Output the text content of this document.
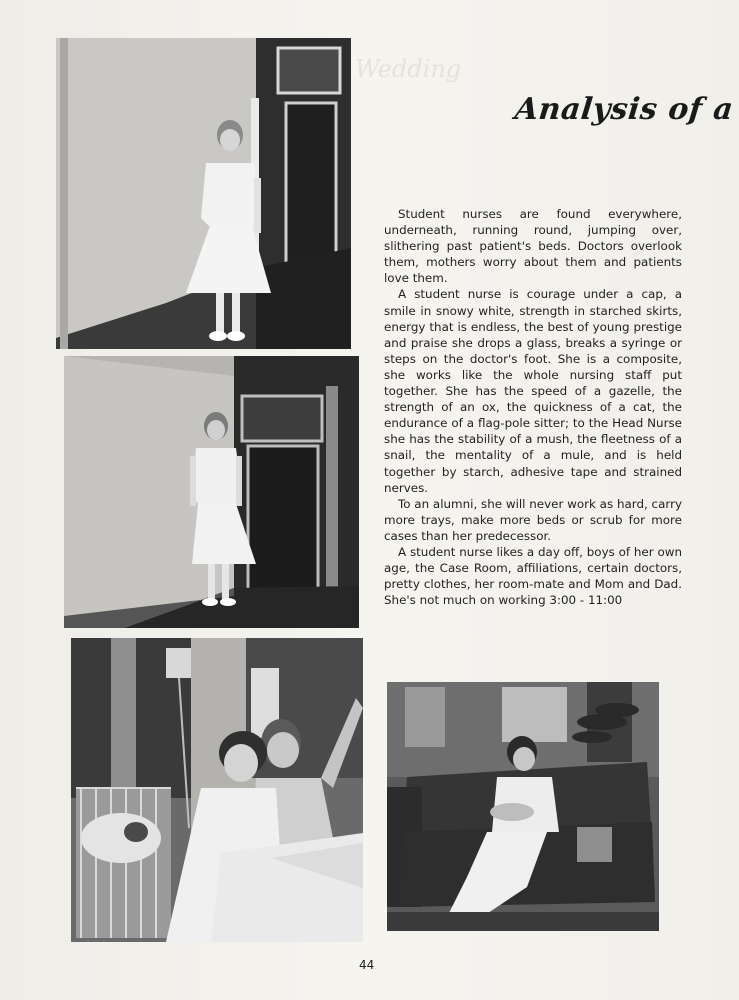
Wedding
Analysis of a

Student nurses are found everywhere, underneath, running round, jumping over, slithering past patient's beds. Doctors overlook them, mothers worry about them and patients love them.

A student nurse is courage under a cap, a smile in snowy white, strength in starched skirts, energy that is endless, the best of young prestige and praise she drops a glass, breaks a syringe or steps on the doctor's foot. She is a composite, she works like the whole nursing staff put together. She has the speed of a gazelle, the strength of an ox, the quickness of a cat, the endurance of a flag-pole sitter; to the Head Nurse she has the stability of a mush, the fleetness of a snail, the mentality of a mule, and is held together by starch, adhesive tape and strained nerves.

To an alumni, she will never work as hard, carry more trays, make more beds or scrub for more cases than her predecessor.

A student nurse likes a day off, boys of her own age, the Case Room, affiliations, certain doctors, pretty clothes, her room-mate and Mom and Dad. She's not much on working 3:00 - 11:00

44
